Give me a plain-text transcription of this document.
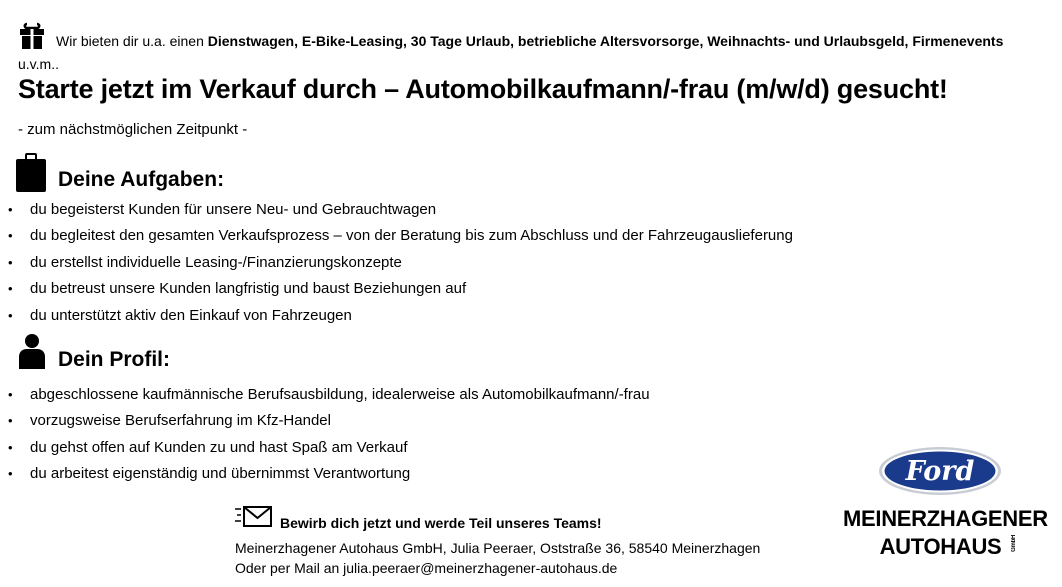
Wir bieten dir u.a. einen Dienstwagen, E-Bike-Leasing, 30 Tage Urlaub, betriebliche Altersvorsorge, Weihnachts- und Urlaubsgeld, Firmenevents u.v.m..
Starte jetzt im Verkauf durch – Automobilkaufmann/-frau (m/w/d) gesucht!
- zum nächstmöglichen Zeitpunkt -
Deine Aufgaben:
• du begeisterst Kunden für unsere Neu- und Gebrauchtwagen
• du begleitest den gesamten Verkaufsprozess – von der Beratung bis zum Abschluss und der Fahrzeugauslieferung
• du erstellst individuelle Leasing-/Finanzierungskonzepte
• du betreust unsere Kunden langfristig und baust Beziehungen auf
• du unterstützt aktiv den Einkauf von Fahrzeugen
Dein Profil:
• abgeschlossene kaufmännische Berufsausbildung, idealerweise als Automobilkaufmann/-frau
• vorzugsweise Berufserfahrung im Kfz-Handel
• du gehst offen auf Kunden zu und hast Spaß am Verkauf
• du arbeitest eigenständig und übernimmst Verantwortung
Bewirb dich jetzt und werde Teil unseres Teams!
Meinerzhagener Autohaus GmbH, Julia Peeraer, Oststraße 36, 58540 Meinerzhagen
Oder per Mail an julia.peeraer@meinerzhagener-autohaus.de
Ford
MEINERZHAGENER
AUTOHAUS	GmbH
